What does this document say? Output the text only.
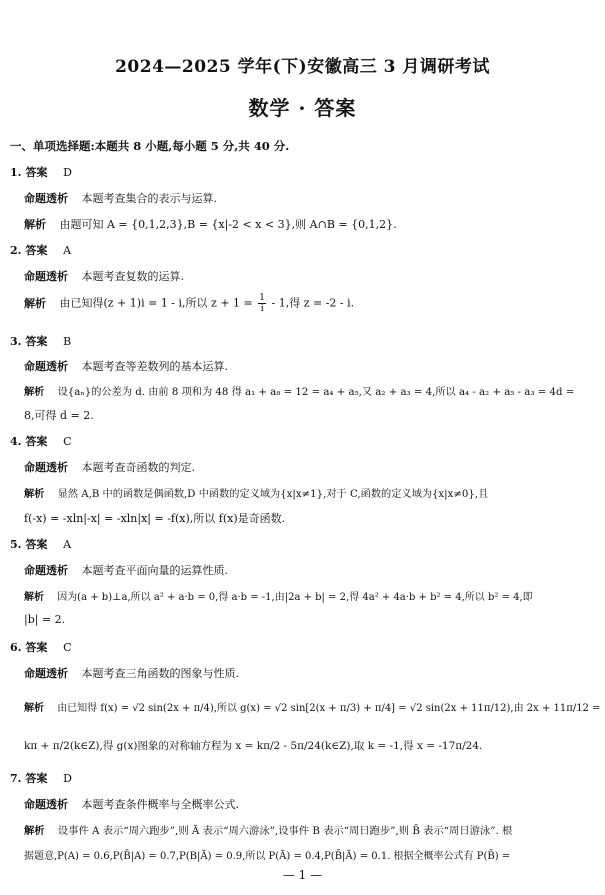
2024—2025 学年(下)安徽高三 3 月调研考试
数学 · 答案
一、单项选择题:本题共 8 小题,每小题 5 分,共 40 分.
1. 答案 D
命题透析 本题考查集合的表示与运算.
解析 由题可知 A = {0,1,2,3},B = {x|-2 < x < 3},则 A∩B = {0,1,2}.
2. 答案 A
命题透析 本题考查复数的运算.
解析 由已知得(z + 1)i = 1 - i,所以 $z + 1 = \frac{1}{i} - 1$,得 z = -2 - i.
3. 答案 B
命题透析 本题考查等差数列的基本运算.
解析 设{aₙ}的公差为 d. 由前 8 项和为 48 得 a₁ + a₈ = 12 = a₄ + a₅,又 a₂ + a₃ = 4,所以 a₄ - a₂ + a₅ - a₃ = 4d =
8,可得 d = 2.
4. 答案 C
命题透析 本题考查奇函数的判定.
解析 显然 A,B 中的函数是偶函数,D 中函数的定义域为{x|x≠1},对于 C,函数的定义域为{x|x≠0},且
f(-x) = -xln|-x| = -xln|x| = -f(x),所以 f(x)是奇函数.
5. 答案 A
命题透析 本题考查平面向量的运算性质.
解析 因为(a + b)⊥a,所以 a² + a·b = 0,得 a·b = -1,由|2a + b| = 2,得 4a² + 4a·b + b² = 4,所以 b² = 4,即
|b| = 2.
6. 答案 C
命题透析 本题考查三角函数的图象与性质.
解析 由已知得 f(x) = √2 sin(2x + π/4),所以 g(x) = √2 sin[2(x + π/3) + π/4] = √2 sin(2x + 11π/12),由 2x + 11π/12 =
kπ + π/2(k∈Z),得 g(x)图象的对称轴方程为 x = kπ/2 - 5π/24(k∈Z),取 k = -1,得 x = -17π/24.
7. 答案 D
命题透析 本题考查条件概率与全概率公式.
解析 设事件 A 表示“周六跑步”,则 Ā 表示“周六游泳”,设事件 B 表示“周日跑步”,则 B̄ 表示“周日游泳”. 根
据题意,P(A) = 0.6,P(B̄|A) = 0.7,P(B|Ā) = 0.9,所以 P(Ā) = 0.4,P(B̄|Ā) = 0.1. 根据全概率公式有 P(B̄) =
— 1 —
